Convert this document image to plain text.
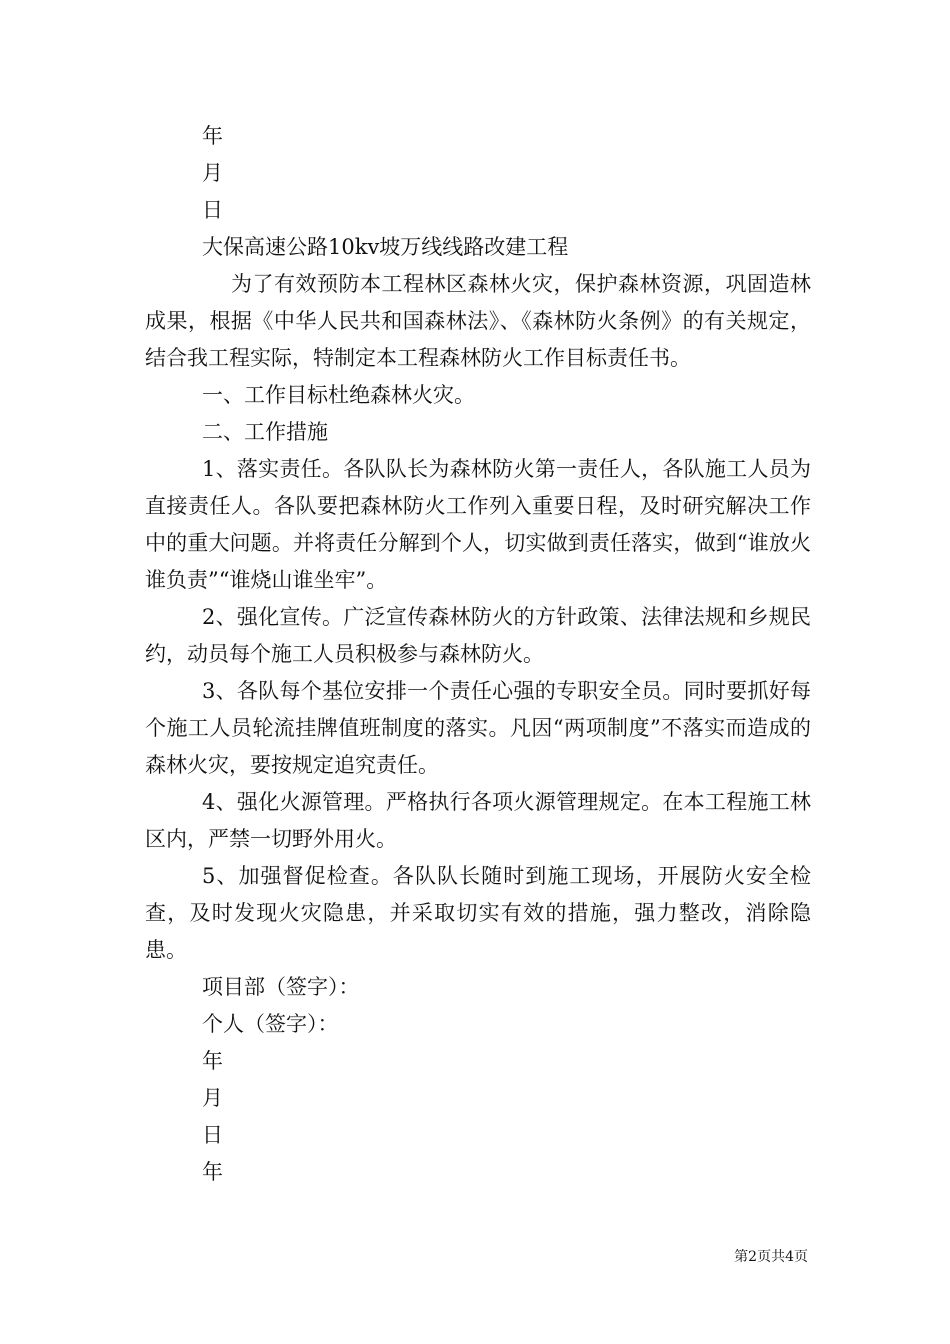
年

月

日

大保高速公路10kv坡万线线路改建工程

为了有效预防本工程林区森林火灾，保护森林资源，巩固造林成果，根据《中华人民共和国森林法》、《森林防火条例》的有关规定，结合我工程实际，特制定本工程森林防火工作目标责任书。

一、工作目标杜绝森林火灾。

二、工作措施

1、落实责任。各队队长为森林防火第一责任人，各队施工人员为直接责任人。各队要把森林防火工作列入重要日程，及时研究解决工作中的重大问题。并将责任分解到个人，切实做到责任落实，做到“谁放火谁负责”“谁烧山谁坐牢”。

2、强化宣传。广泛宣传森林防火的方针政策、法律法规和乡规民约，动员每个施工人员积极参与森林防火。

3、各队每个基位安排一个责任心强的专职安全员。同时要抓好每个施工人员轮流挂牌值班制度的落实。凡因“两项制度”不落实而造成的森林火灾，要按规定追究责任。

4、强化火源管理。严格执行各项火源管理规定。在本工程施工林区内，严禁一切野外用火。

5、加强督促检查。各队队长随时到施工现场，开展防火安全检查，及时发现火灾隐患，并采取切实有效的措施，强力整改，消除隐患。

项目部（签字）：

个人（签字）：

年

月

日

年

第2页共4页
